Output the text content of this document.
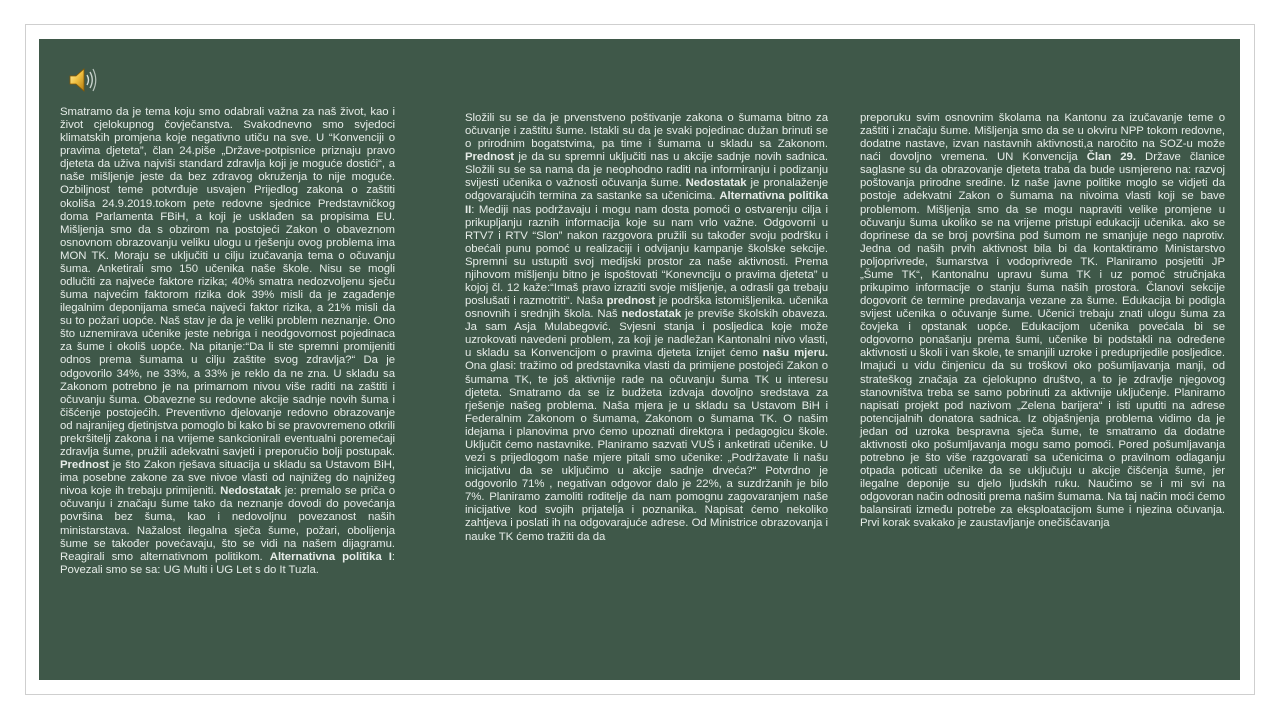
Smatramo da je tema koju smo odabrali važna za naš život, kao i život cjelokupnog čovječanstva. Svakodnevno smo svjedoci klimatskih promjena koje negativno utiču na sve. U “Konvenciji o pravima djeteta”, član 24.piše „Države-potpisnice priznaju pravo djeteta da uživa najviši standard zdravlja koji je moguće dostići“, a naše mišljenje jeste da bez zdravog okruženja to nije moguće. Ozbiljnost teme potvrđuje usvajen Prijedlog zakona o zaštiti okoliša 24.9.2019.tokom pete redovne sjednice Predstavničkog doma Parlamenta FBiH, a koji je usklađen sa propisima EU. Mišljenja smo da s obzirom na postojeći Zakon o obaveznom osnovnom obrazovanju veliku ulogu u rješenju ovog problema ima MON TK. Moraju se uključiti u cilju izučavanja tema o očuvanju šuma. Anketirali smo 150 učenika naše škole. Nisu se mogli odlučiti za najveće faktore rizika; 40% smatra nedozvoljenu sječu šuma najvećim faktorom rizika dok 39% misli da je zagađenje ilegalnim deponijama smeća najveći faktor rizika, a 21% misli da su to požari uopće. Naš stav je da je veliki problem neznanje. Ono što uznemirava učenike jeste nebriga i neodgovornost pojedinaca za šume i okoliš uopće. Na pitanje:“Da li ste spremni promijeniti odnos prema šumama u cilju zaštite svog zdravlja?“ Da je odgovorilo 34%, ne 33%, a 33% je reklo da ne zna. U skladu sa Zakonom potrebno je na primarnom nivou više raditi na zaštiti i očuvanju šuma. Obavezne su redovne akcije sadnje novih šuma i čišćenje postojećih. Preventivno djelovanje redovno obrazovanje od najranijeg djetinjstva pomoglo bi kako bi se pravovremeno otkrili prekršitelji zakona i na vrijeme sankcionirali eventualni poremećaji zdravlja šume, pružili adekvatni savjeti i preporučio bolji postupak. Prednost je što Zakon rješava situacija u skladu sa Ustavom BiH, ima posebne zakone za sve nivoe vlasti od najnižeg do najnižeg nivoa koje ih trebaju primijeniti. Nedostatak je: premalo se priča o očuvanju i značaju šume tako da neznanje dovodi do povećanja površina bez šuma, kao i nedovoljnu povezanost naših ministarstava. Nažalost ilegalna sječa šume, požari, obolijenja šume se također povećavaju, što se vidi na našem dijagramu. Reagirali smo alternativnom politikom. Alternativna politika I: Povezali smo se sa: UG Multi i UG Let s do It Tuzla.

Složili su se da je prvenstveno poštivanje zakona o šumama bitno za očuvanje i zaštitu šume. Istakli su da je svaki pojedinac dužan brinuti se o prirodnim bogatstvima, pa time i šumama u skladu sa Zakonom. Prednost je da su spremni uključiti nas u akcije sadnje novih sadnica. Složili su se sa nama da je neophodno raditi na informiranju i podizanju svijesti učenika o važnosti očuvanja šume. Nedostatak je pronalaženje odgovarajućih termina za sastanke sa učenicima. Alternativna politika II: Mediji nas podržavaju i mogu nam dosta pomoći o ostvarenju cilja i prikupljanju raznih informacija koje su nam vrlo važne. Odgovorni u RTV7 i RTV “Slon” nakon razgovora pružili su također svoju podršku i obećali punu pomoć u realizaciji i odvijanju kampanje školske sekcije. Spremni su ustupiti svoj medijski prostor za naše aktivnosti. Prema njihovom mišljenju bitno je ispoštovati “Konevnciju o pravima djeteta” u kojoj čl. 12 kaže:“Imaš pravo izraziti svoje mišljenje, a odrasli ga trebaju poslušati i razmotriti“. Naša prednost je podrška istomišljenika. učenika osnovnih i srednjih škola. Naš nedostatak je previše školskih obaveza. Ja sam Asja Mulabegović. Svjesni stanja i posljedica koje može uzrokovati navedeni problem, za koji je nadležan Kantonalni nivo vlasti, u skladu sa Konvencijom o pravima djeteta iznijet ćemo našu mjeru. Ona glasi: tražimo od predstavnika vlasti da primijene postojeći Zakon o šumama TK, te još aktivnije rade na očuvanju šuma TK u interesu djeteta. Smatramo da se iz budžeta izdvaja dovoljno sredstava za rješenje našeg problema. Naša mjera je u skladu sa Ustavom BiH i Federalnim Zakonom o šumama, Zakonom o šumama TK. O našim idejama i planovima prvo ćemo upoznati direktora i pedagogicu škole. Uključit ćemo nastavnike. Planiramo sazvati VUŠ i anketirati učenike. U vezi s prijedlogom naše mjere pitali smo učenike: „Podržavate li našu inicijativu da se uključimo u akcije sadnje drveća?“ Potvrdno je odgovorilo 71% , negativan odgovor dalo je 22%, a suzdržanih je bilo 7%. Planiramo zamoliti roditelje da nam pomognu zagovaranjem naše inicijative kod svojih prijatelja i poznanika. Napisat ćemo nekoliko zahtjeva i poslati ih na odgovarajuće adrese. Od Ministrice obrazovanja i nauke TK ćemo tražiti da da

preporuku svim osnovnim školama na Kantonu za izučavanje teme o zaštiti i značaju šume. Mišljenja smo da se u okviru NPP tokom redovne, dodatne nastave, izvan nastavnih aktivnosti,a naročito na SOZ-u može naći dovoljno vremena. UN Konvencija Član 29. Države članice saglasne su da obrazovanje djeteta traba da bude usmjereno na: razvoj poštovanja prirodne sredine. Iz naše javne politike moglo se vidjeti da postoje adekvatni Zakon o šumama na nivoima vlasti koji se bave problemom. Mišljenja smo da se mogu napraviti velike promjene u očuvanju šuma ukoliko se na vrijeme pristupi edukaciji učenika. ako se doprinese da se broj površina pod šumom ne smanjuje nego naprotiv. Jedna od naših prvih aktivnost bila bi da kontaktiramo Ministarstvo poljoprivrede, šumarstva i vodoprivrede TK. Planiramo posjetiti JP „Šume TK“, Kantonalnu upravu šuma TK i uz pomoć stručnjaka prikupimo informacije o stanju šuma naših prostora. Članovi sekcije dogovorit će termine predavanja vezane za šume. Edukacija bi podigla svijest učenika o očuvanje šume. Učenici trebaju znati ulogu šuma za čovjeka i opstanak uopće. Edukacijom učenika povećala bi se odgovorno ponašanju prema šumi, učenike bi podstakli na određene aktivnosti u školi i van škole, te smanjili uzroke i predupriјedile posljedice. Imajući u vidu činjenicu da su troškovi oko pošumljavanja manji, od strateškog značaja za cjelokupno društvo, a to je zdravlje njegovog stanovništva treba se samo pobrinuti za aktivnije uključenje. Planiramo napisati projekt pod nazivom „Zelena barijera“ i isti uputiti na adrese potencijalnih donatora sadnica. Iz objašnjenja problema vidimo da je jedan od uzroka bespravna sječa šume, te smatramo da dodatne aktivnosti oko pošumljavanja mogu samo pomoći. Pored pošumljavanja potrebno je što više razgovarati sa učenicima o pravilnom odlaganju otpada poticati učenike da se uključuju u akcije čišćenja šume, jer ilegalne deponije su djelo ljudskih ruku. Naučimo se i mi svi na odgovoran način odnositi prema našim šumama. Na taj način moći ćemo balansirati između potrebe za eksploatacijom šume i njezina očuvanja. Prvi korak svakako je zaustavljanje onečišćavanja
